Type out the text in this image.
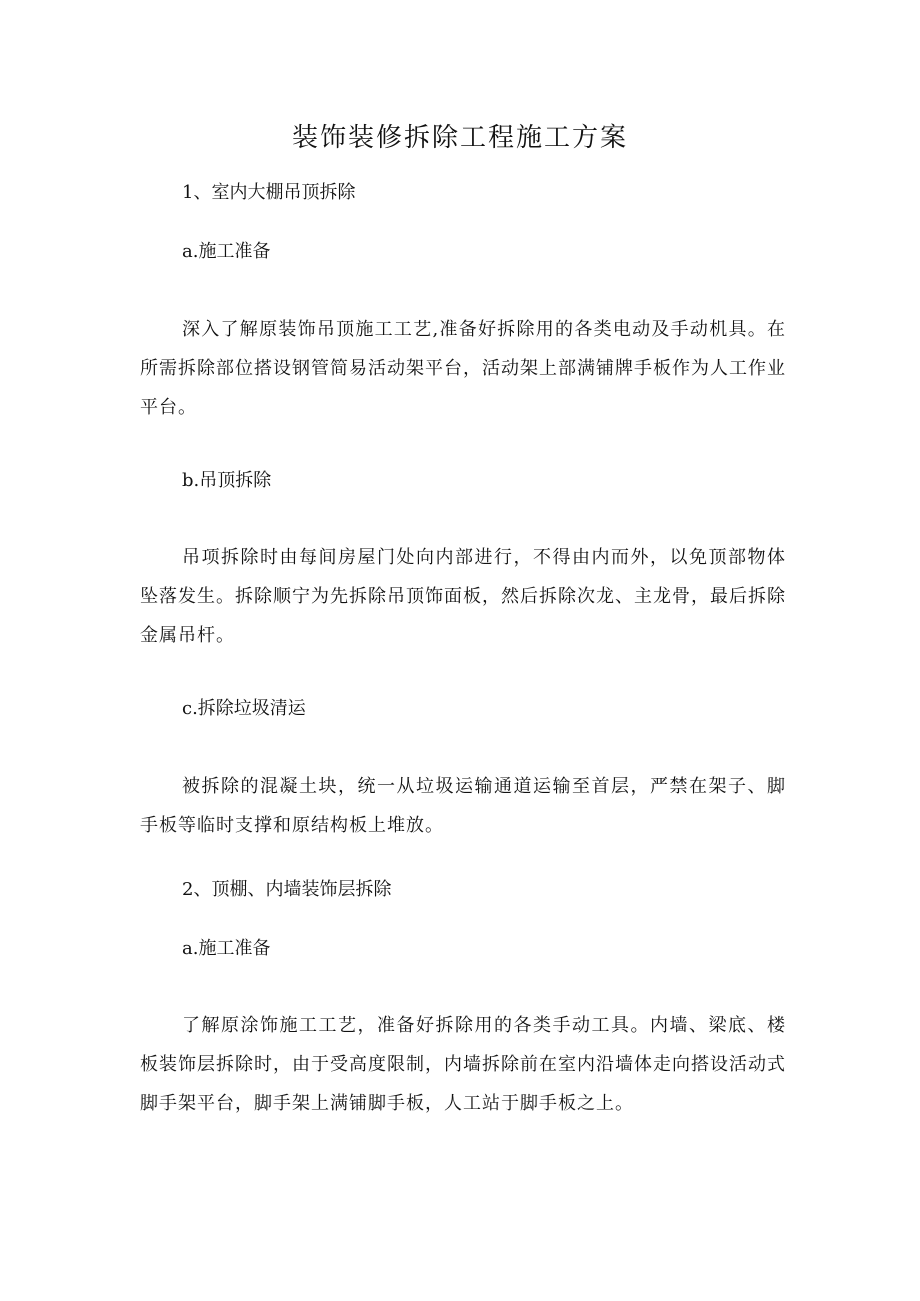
装饰装修拆除工程施工方案
1、室内大棚吊顶拆除
a.施工准备
深入了解原装饰吊顶施工工艺,准备好拆除用的各类电动及手动机具。在所需拆除部位搭设钢管简易活动架平台，活动架上部满铺牌手板作为人工作业平台。
b.吊顶拆除
吊项拆除时由每间房屋门处向内部进行，不得由内而外，以免顶部物体坠落发生。拆除顺宁为先拆除吊顶饰面板，然后拆除次龙、主龙骨，最后拆除金属吊杆。
c.拆除垃圾清运
被拆除的混凝土块，统一从垃圾运输通道运输至首层，严禁在架子、脚手板等临时支撑和原结构板上堆放。
2、顶棚、内墙装饰层拆除
a.施工准备
了解原涂饰施工工艺，准备好拆除用的各类手动工具。内墙、梁底、楼板装饰层拆除时，由于受高度限制，内墙拆除前在室内沿墙体走向搭设活动式脚手架平台，脚手架上满铺脚手板，人工站于脚手板之上。
